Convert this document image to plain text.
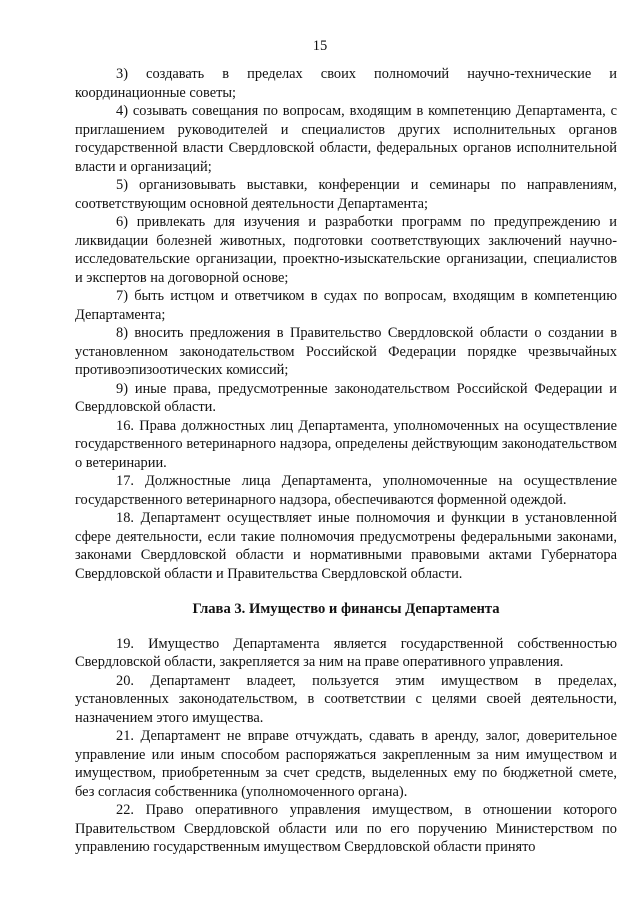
15

3) создавать в пределах своих полномочий научно-технические и координационные советы;

4) созывать совещания по вопросам, входящим в компетенцию Департамента, с приглашением руководителей и специалистов других исполнительных органов государственной власти Свердловской области, федеральных органов исполнительной власти и организаций;

5) организовывать выставки, конференции и семинары по направлениям, соответствующим основной деятельности Департамента;

6) привлекать для изучения и разработки программ по предупреждению и ликвидации болезней животных, подготовки соответствующих заключений научно-исследовательские организации, проектно-изыскательские организации, специалистов и экспертов на договорной основе;

7) быть истцом и ответчиком в судах по вопросам, входящим в компетенцию Департамента;

8) вносить предложения в Правительство Свердловской области о создании в установленном законодательством Российской Федерации порядке чрезвычайных противоэпизоотических комиссий;

9) иные права, предусмотренные законодательством Российской Федерации и Свердловской области.

16. Права должностных лиц Департамента, уполномоченных на осуществление государственного ветеринарного надзора, определены действующим законодательством о ветеринарии.

17. Должностные лица Департамента, уполномоченные на осуществление государственного ветеринарного надзора, обеспечиваются форменной одеждой.

18. Департамент осуществляет иные полномочия и функции в установленной сфере деятельности, если такие полномочия предусмотрены федеральными законами, законами Свердловской области и нормативными правовыми актами Губернатора Свердловской области и Правительства Свердловской области.

Глава 3. Имущество и финансы Департамента

19. Имущество Департамента является государственной собственностью Свердловской области, закрепляется за ним на праве оперативного управления.

20. Департамент владеет, пользуется этим имуществом в пределах, установленных законодательством, в соответствии с целями своей деятельности, назначением этого имущества.

21. Департамент не вправе отчуждать, сдавать в аренду, залог, доверительное управление или иным способом распоряжаться закрепленным за ним имуществом и имуществом, приобретенным за счет средств, выделенных ему по бюджетной смете, без согласия собственника (уполномоченного органа).

22. Право оперативного управления имуществом, в отношении которого Правительством Свердловской области или по его поручению Министерством по управлению государственным имуществом Свердловской области принято
